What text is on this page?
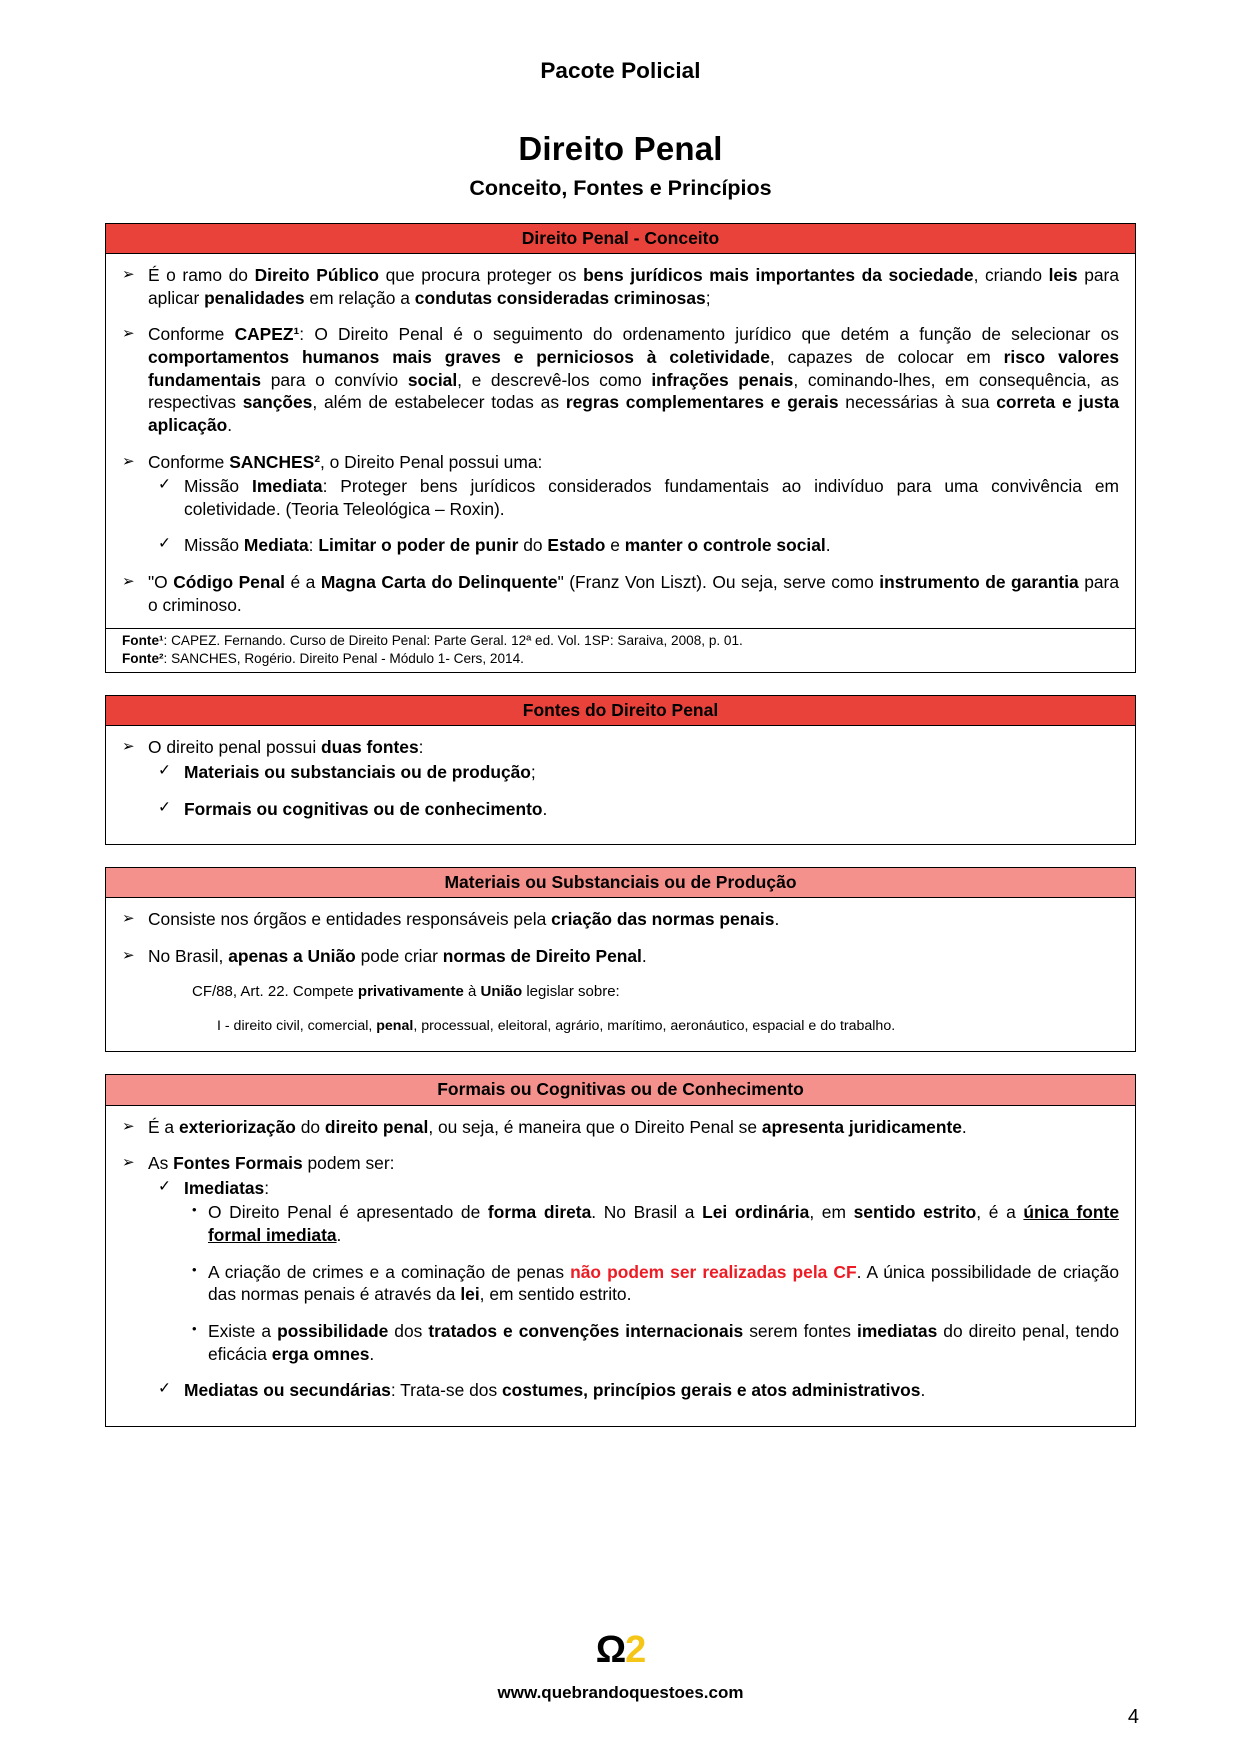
Pacote Policial
Direito Penal
Conceito, Fontes e Princípios
Direito Penal - Conceito
➢ É o ramo do Direito Público que procura proteger os bens jurídicos mais importantes da sociedade, criando leis para aplicar penalidades em relação a condutas consideradas criminosas;
➢ Conforme CAPEZ¹: O Direito Penal é o seguimento do ordenamento jurídico que detém a função de selecionar os comportamentos humanos mais graves e perniciosos à coletividade, capazes de colocar em risco valores fundamentais para o convívio social, e descrevê-los como infrações penais, cominando-lhes, em consequência, as respectivas sanções, além de estabelecer todas as regras complementares e gerais necessárias à sua correta e justa aplicação.
➢ Conforme SANCHES², o Direito Penal possui uma:
✓ Missão Imediata: Proteger bens jurídicos considerados fundamentais ao indivíduo para uma convivência em coletividade. (Teoria Teleológica – Roxin).
✓ Missão Mediata: Limitar o poder de punir do Estado e manter o controle social.
➢ "O Código Penal é a Magna Carta do Delinquente" (Franz Von Liszt). Ou seja, serve como instrumento de garantia para o criminoso.
Fonte¹: CAPEZ. Fernando. Curso de Direito Penal: Parte Geral. 12ª ed. Vol. 1SP: Saraiva, 2008, p. 01.
Fonte²: SANCHES, Rogério. Direito Penal - Módulo 1- Cers, 2014.
Fontes do Direito Penal
➢ O direito penal possui duas fontes:
✓ Materiais ou substanciais ou de produção;
✓ Formais ou cognitivas ou de conhecimento.
Materiais ou Substanciais ou de Produção
➢ Consiste nos órgãos e entidades responsáveis pela criação das normas penais.
➢ No Brasil, apenas a União pode criar normas de Direito Penal.
CF/88, Art. 22. Compete privativamente à União legislar sobre:
I - direito civil, comercial, penal, processual, eleitoral, agrário, marítimo, aeronáutico, espacial e do trabalho.
Formais ou Cognitivas ou de Conhecimento
➢ É a exteriorização do direito penal, ou seja, é maneira que o Direito Penal se apresenta juridicamente.
➢ As Fontes Formais podem ser:
✓ Imediatas:
• O Direito Penal é apresentado de forma direta. No Brasil a Lei ordinária, em sentido estrito, é a única fonte formal imediata.
• A criação de crimes e a cominação de penas não podem ser realizadas pela CF. A única possibilidade de criação das normas penais é através da lei, em sentido estrito.
• Existe a possibilidade dos tratados e convenções internacionais serem fontes imediatas do direito penal, tendo eficácia erga omnes.
✓ Mediatas ou secundárias: Trata-se dos costumes, princípios gerais e atos administrativos.
Ω2
www.quebrandoquestoes.com
4
